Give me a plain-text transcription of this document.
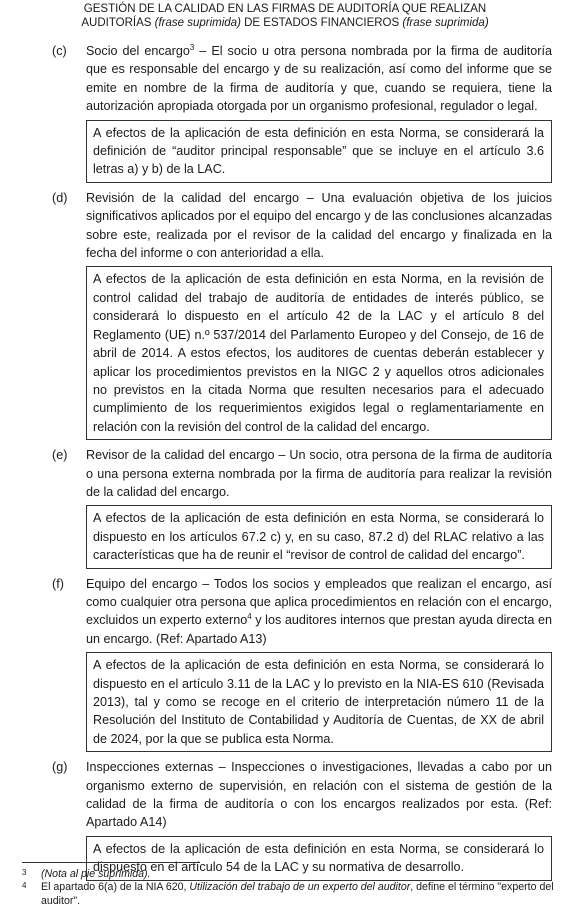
GESTIÓN DE LA CALIDAD EN LAS FIRMAS DE AUDITORÍA QUE REALIZAN
AUDITORÍAS (frase suprimida) DE ESTADOS FINANCIEROS (frase suprimida)
(c) Socio del encargo$^3$ – El socio u otra persona nombrada por la firma de auditoría que es responsable del encargo y de su realización, así como del informe que se emite en nombre de la firma de auditoría y que, cuando se requiera, tiene la autorización apropiada otorgada por un organismo profesional, regulador o legal.
A efectos de la aplicación de esta definición en esta Norma, se considerará la definición de “auditor principal responsable” que se incluye en el artículo 3.6 letras a) y b) de la LAC.
(d) Revisión de la calidad del encargo – Una evaluación objetiva de los juicios significativos aplicados por el equipo del encargo y de las conclusiones alcanzadas sobre este, realizada por el revisor de la calidad del encargo y finalizada en la fecha del informe o con anterioridad a ella.
A efectos de la aplicación de esta definición en esta Norma, en la revisión de control calidad del trabajo de auditoría de entidades de interés público, se considerará lo dispuesto en el artículo 42 de la LAC y el artículo 8 del Reglamento (UE) n.º 537/2014 del Parlamento Europeo y del Consejo, de 16 de abril de 2014. A estos efectos, los auditores de cuentas deberán establecer y aplicar los procedimientos previstos en la NIGC 2 y aquellos otros adicionales no previstos en la citada Norma que resulten necesarios para el adecuado cumplimiento de los requerimientos exigidos legal o reglamentariamente en relación con la revisión del control de la calidad del encargo.
(e) Revisor de la calidad del encargo – Un socio, otra persona de la firma de auditoría o una persona externa nombrada por la firma de auditoría para realizar la revisión de la calidad del encargo.
A efectos de la aplicación de esta definición en esta Norma, se considerará lo dispuesto en los artículos 67.2 c) y, en su caso, 87.2 d) del RLAC relativo a las características que ha de reunir el “revisor de control de calidad del encargo”.
(f) Equipo del encargo – Todos los socios y empleados que realizan el encargo, así como cualquier otra persona que aplica procedimientos en relación con el encargo, excluidos un experto externo$^4$ y los auditores internos que prestan ayuda directa en un encargo. (Ref: Apartado A13)
A efectos de la aplicación de esta definición en esta Norma, se considerará lo dispuesto en el artículo 3.11 de la LAC y lo previsto en la NIA-ES 610 (Revisada 2013), tal y como se recoge en el criterio de interpretación número 11 de la Resolución del Instituto de Contabilidad y Auditoría de Cuentas, de XX de abril de 2024, por la que se publica esta Norma.
(g) Inspecciones externas – Inspecciones o investigaciones, llevadas a cabo por un organismo externo de supervisión, en relación con el sistema de gestión de la calidad de la firma de auditoría o con los encargos realizados por esta. (Ref: Apartado A14)
A efectos de la aplicación de esta definición en esta Norma, se considerará lo dispuesto en el artículo 54 de la LAC y su normativa de desarrollo.
3 (Nota al pie suprimida).
4 El apartado 6(a) de la NIA 620, Utilización del trabajo de un experto del auditor, define el término "experto del auditor".
